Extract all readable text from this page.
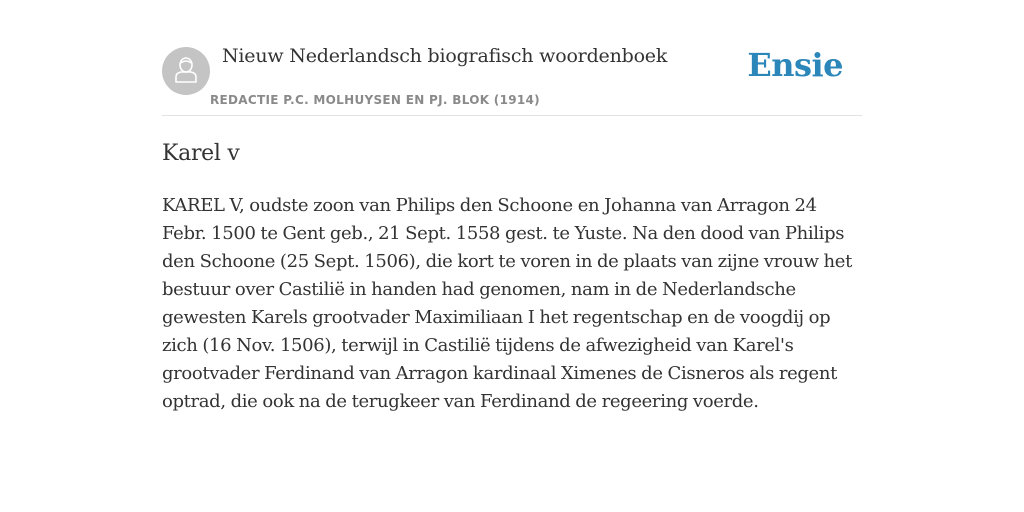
Nieuw Nederlandsch biografisch woordenboek
REDACTIE P.C. MOLHUYSEN EN PJ. BLOK (1914)
Ensie
Karel v

KAREL V, oudste zoon van Philips den Schoone en Johanna van Arragon 24 Febr. 1500 te Gent geb., 21 Sept. 1558 gest. te Yuste. Na den dood van Philips den Schoone (25 Sept. 1506), die kort te voren in de plaats van zijne vrouw het bestuur over Castilië in handen had genomen, nam in de Nederlandsche gewesten Karels grootvader Maximiliaan I het regentschap en de voogdij op zich (16 Nov. 1506), terwijl in Castilië tijdens de afwezigheid van Karel's grootvader Ferdinand van Arragon kardinaal Ximenes de Cisneros als regent optrad, die ook na de terugkeer van Ferdinand de regeering voerde.
